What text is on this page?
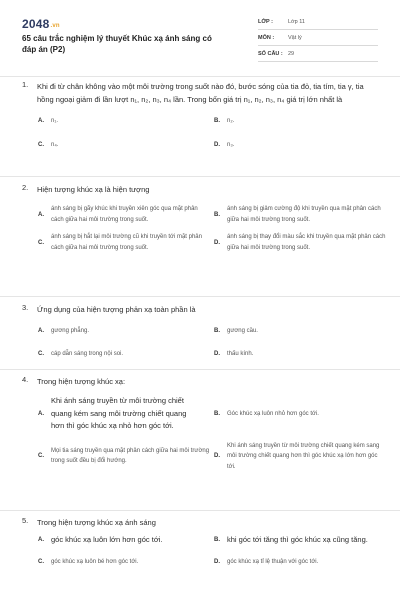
2048.vn
65 câu trắc nghiệm lý thuyết Khúc xạ ánh sáng có đáp án (P2)
LỚP :	Lớp 11
MÔN :	Vật lý
SỐ CÂU : 29
1. Khi đi từ chân không vào một môi trường trong suốt nào đó, bước sóng của tia đỏ, tia tím, tia γ, tia hồng ngoại giảm đi lần lượt n₁, n₂, n₃, n₄ lần. Trong bốn giá trị n₁, n₂, n₃, n₄ giá trị lớn nhất là
A.	n₁.	B.	n₂.
C.	n₄.	D.	n₃.
2. Hiện tượng khúc xạ là hiện tượng
A.
ánh sáng bị gãy khúc khi truyền xiên góc qua mặt phân cách giữa hai môi trường trong suốt.
B.
ánh sáng bị giảm cường độ khi truyền qua mặt phân cách giữa hai môi trường trong suốt.
C.
ánh sáng bị hắt lại môi trường cũ khi truyền tới mặt phân cách giữa hai môi trường trong suốt.
D.
ánh sáng bị thay đổi màu sắc khi truyền qua mặt phân cách giữa hai môi trường trong suốt.
3. Ứng dụng của hiện tượng phản xạ toàn phần là
A.	gương phẳng.	B.	gương cầu.
C.	cáp dẫn sáng trong nội soi.	D.	thấu kính.
4. Trong hiện tượng khúc xạ:
A.
Khi ánh sáng truyền từ môi trường chiết quang kém sang môi trường chiết quang hơn thì góc khúc xạ nhỏ hơn góc tới.
B.	Góc khúc xạ luôn nhỏ hơn góc tới.
C.
Mọi tia sáng truyền qua mặt phân cách giữa hai môi trường trong suốt đều bị đổi hướng.
D.
Khi ánh sáng truyền từ môi trường chiết quang kém sang môi trường chiết quang hơn thì góc khúc xạ lớn hơn góc tới.
5. Trong hiện tượng khúc xạ ánh sáng
A. góc khúc xạ luôn lớn hơn góc tới.	B. khi góc tới tăng thì góc khúc xạ cũng tăng.
C.	góc khúc xạ luôn bé hơn góc tới.	D.	góc khúc xạ tỉ lệ thuận với góc tới.
